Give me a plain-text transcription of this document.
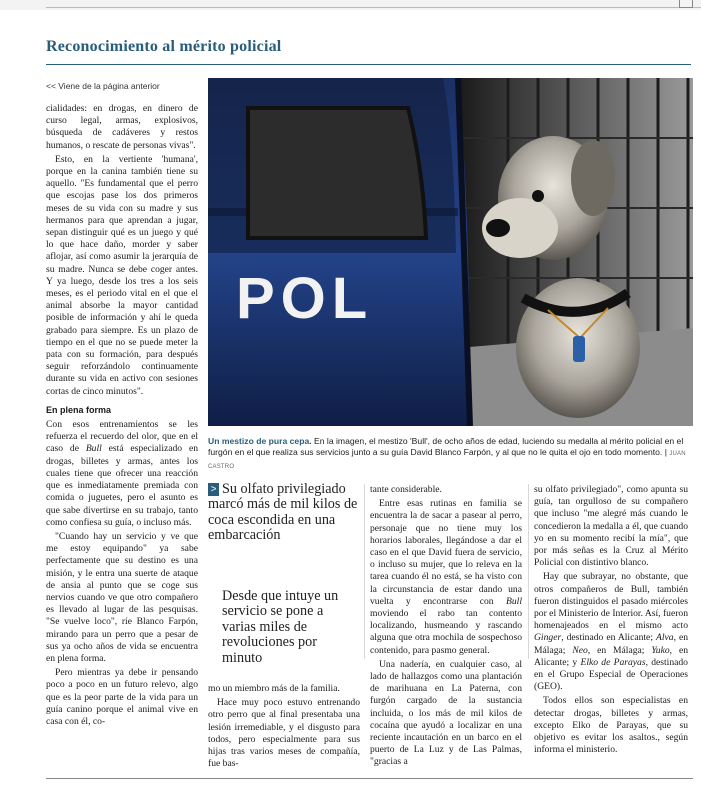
Reconocimiento al mérito policial
<< Viene de la página anterior

cialidades: en drogas, en dinero de curso legal, armas, explosivos, búsqueda de cadáveres y restos humanos, o rescate de personas vivas".

Esto, en la vertiente 'humana', porque en la canina también tiene su aquello. "Es fundamental que el perro que escojas pase los dos primeros meses de su vida con su madre y sus hermanos para que aprendan a jugar, sepan distinguir qué es un juego y qué lo que hace daño, morder y saber aflojar, así como asumir la jerarquía de su madre. Nunca se debe coger antes. Y ya luego, desde los tres a los seis meses, es el periodo vital en el que el animal absorbe la mayor cantidad posible de información y ahí le queda grabado para siempre. Es un plazo de tiempo en el que no se puede meter la pata con su formación, para después seguir reforzándolo continuamente durante su vida en activo con sesiones cortas de cinco minutos".

En plena forma

Con esos entrenamientos se les refuerza el recuerdo del olor, que en el caso de Bull está especializado en drogas, billetes y armas, antes los cuales tiene que ofrecer una reacción que es inmediatamente premiada con comida o juguetes, pero el asunto es que sabe divertirse en su trabajo, tanto como confiesa su guía, o incluso más.

"Cuando hay un servicio y ve que me estoy equipando" ya sabe perfectamente que su destino es una misión, y le entra una suerte de ataque de ansia al punto que se coge sus nervios cuando ve que otro compañero es llevado al lugar de las pesquisas. "Se vuelve loco", ríe Blanco Farpón, mirando para un perro que a pesar de sus ya ocho años de vida se encuentra en plena forma.

Pero mientras ya debe ir pensando poco a poco en un futuro relevo, algo que es la peor parte de la vida para un guía canino porque el animal vive en casa con él, co-

POL
Un mestizo de pura cepa. En la imagen, el mestizo 'Bull', de ocho años de edad, luciendo su medalla al mérito policial en el furgón en el que realiza sus servicios junto a su guía David Blanco Farpón, y al que no le quita el ojo en todo momento. | JUAN CASTRO
> Su olfato privilegiado marcó más de mil kilos de coca escondida en una embarcación
Desde que intuye un servicio se pone a varias miles de revoluciones por minuto

mo un miembro más de la familia.

Hace muy poco estuvo entrenando otro perro que al final presentaba una lesión irremediable, y el disgusto para todos, pero especialmente para sus hijas tras varios meses de compañía, fue bas-

tante considerable.

Entre esas rutinas en familia se encuentra la de sacar a pasear al perro, personaje que no tiene muy los horarios laborales, llegándose a dar el caso en el que David fuera de servicio, o incluso su mujer, que lo releva en la tarea cuando él no está, se ha visto con la circunstancia de estar dando una vuelta y encontrarse con Bull moviendo el rabo tan contento localizando, husmeando y rascando alguna que otra mochila de sospechoso contenido, para pasmo general.

Una nadería, en cualquier caso, al lado de hallazgos como una plantación de marihuana en La Paterna, con furgón cargado de la sustancia incluida, o los más de mil kilos de cocaína que ayudó a localizar en una reciente incautación en un barco en el puerto de La Luz y de Las Palmas, "gracias a

su olfato privilegiado", como apunta su guía, tan orgulloso de su compañero que incluso "me alegré más cuando le concedieron la medalla a él, que cuando yo en su momento recibí la mía", que por más señas es la Cruz al Mérito Policial con distintivo blanco.

Hay que subrayar, no obstante, que otros compañeros de Bull, también fueron distinguidos el pasado miércoles por el Ministerio de Interior. Así, fueron homenajeados en el mismo acto Ginger, destinado en Alicante; Alva, en Málaga; Neo, en Málaga; Yuko, en Alicante; y Elko de Parayas, destinado en el Grupo Especial de Operaciones (GEO).

Todos ellos son especialistas en detectar drogas, billetes y armas, excepto Elko de Parayas, que su objetivo es evitar los asaltos., según informa el ministerio.
